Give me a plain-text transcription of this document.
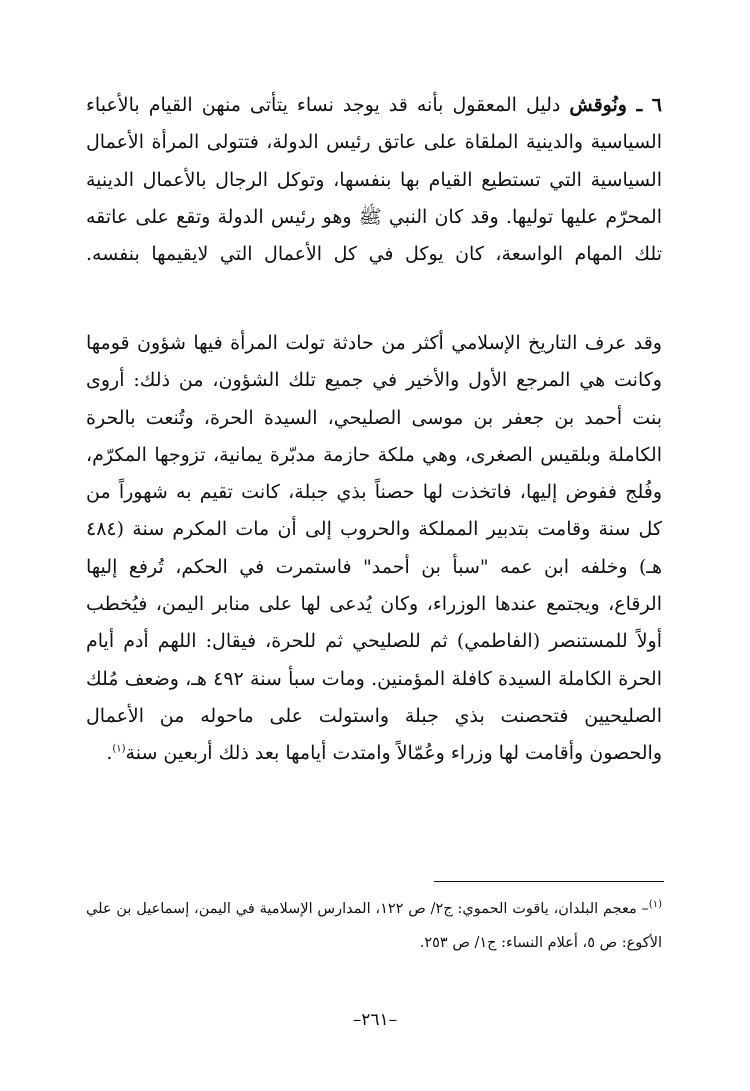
٦ ـ ونُوقش دليل المعقول بأنه قد يوجد نساء يتأتى منهن القيام بالأعباء السياسية والدينية الملقاة على عاتق رئيس الدولة، فتتولى المرأة الأعمال السياسية التي تستطيع القيام بها بنفسها، وتوكل الرجال بالأعمال الدينية المحرّم عليها توليها. وقد كان النبي ﷺ وهو رئيس الدولة وتقع على عاتقه تلك المهام الواسعة، كان يوكل في كل الأعمال التي لايقيمها بنفسه.

وقد عرف التاريخ الإسلامي أكثر من حادثة تولت المرأة فيها شؤون قومها وكانت هي المرجع الأول والأخير في جميع تلك الشؤون، من ذلك: أروى بنت أحمد بن جعفر بن موسى الصليحي، السيدة الحرة، وتُنعت بالحرة الكاملة وبلقيس الصغرى، وهي ملكة حازمة مدبّرة يمانية، تزوجها المكرّم، وفُلج ففوض إليها، فاتخذت لها حصناً بذي جبلة، كانت تقيم به شهوراً من كل سنة وقامت بتدبير المملكة والحروب إلى أن مات المكرم سنة (٤٨٤ هـ) وخلفه ابن عمه "سبأ بن أحمد" فاستمرت في الحكم، تُرفع إليها الرقاع، ويجتمع عندها الوزراء، وكان يُدعى لها على منابر اليمن، فيُخطب أولاً للمستنصر (الفاطمي) ثم للصليحي ثم للحرة، فيقال: اللهم أدم أيام الحرة الكاملة السيدة كافلة المؤمنين. ومات سبأ سنة ٤٩٢ هـ، وضعف مُلك الصليحيين فتحصنت بذي جبلة واستولت على ماحوله من الأعمال والحصون وأقامت لها وزراء وعُمّالاً وامتدت أيامها بعد ذلك أربعين سنة$^{(١)}$.

$^{(١)}$– معجم البلدان، ياقوت الحموي: ج٢/ ص ١٢٢، المدارس الإسلامية في اليمن، إسماعيل بن علي الأكوع: ص ٥، أعلام النساء: ج١/ ص ٢٥٣.

–٢٦١–
